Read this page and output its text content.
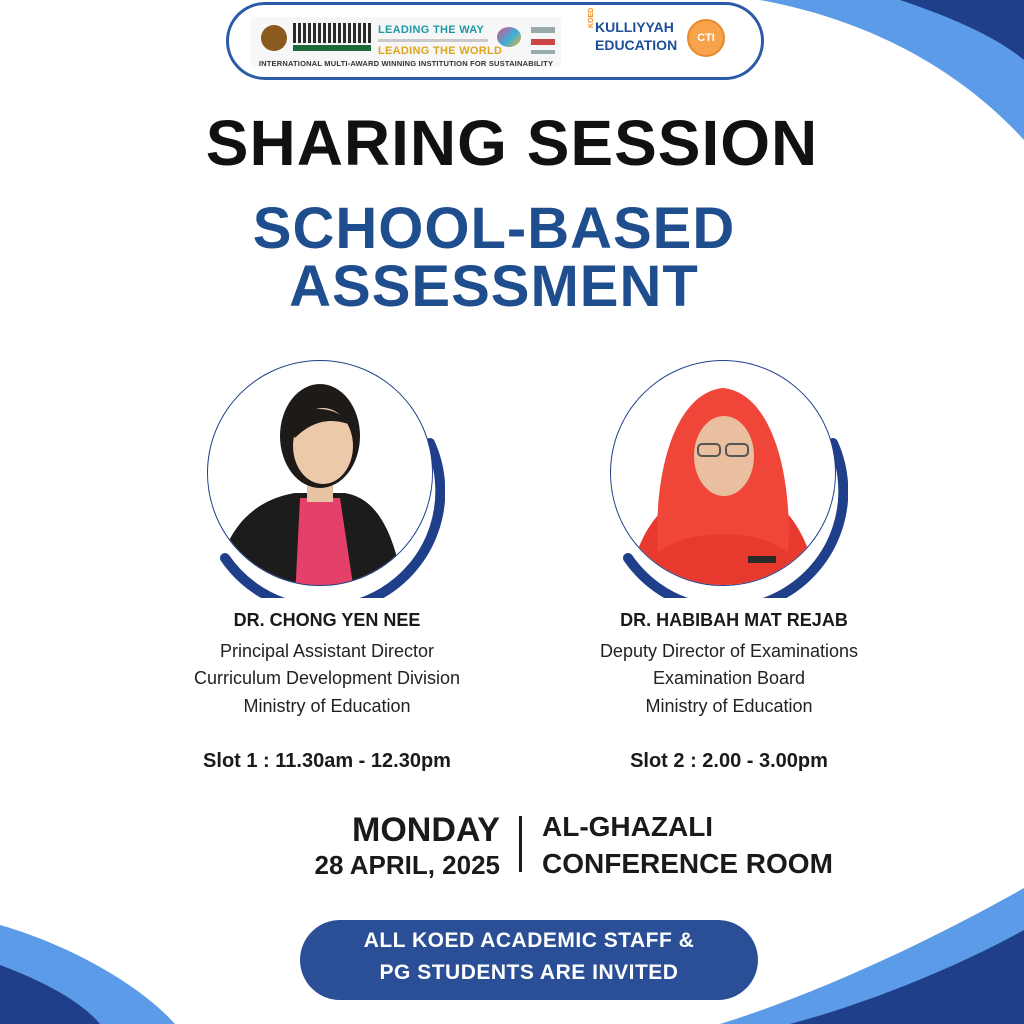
LEADING THE WAY
LEADING THE WORLD
INTERNATIONAL MULTI-AWARD WINNING INSTITUTION FOR SUSTAINABILITY
KOED KULLIYYAH
EDUCATION	CTI
SHARING SESSION
SCHOOL-BASED
ASSESSMENT
DR. CHONG YEN NEE
Principal Assistant Director
Curriculum Development Division
Ministry of Education
Slot 1 : 11.30am - 12.30pm
DR. HABIBAH MAT REJAB
Deputy Director of Examinations
Examination Board
Ministry of Education
Slot 2 : 2.00 - 3.00pm
MONDAY
28 APRIL, 2025
AL-GHAZALI
CONFERENCE ROOM
ALL KOED ACADEMIC STAFF &
PG STUDENTS ARE INVITED
